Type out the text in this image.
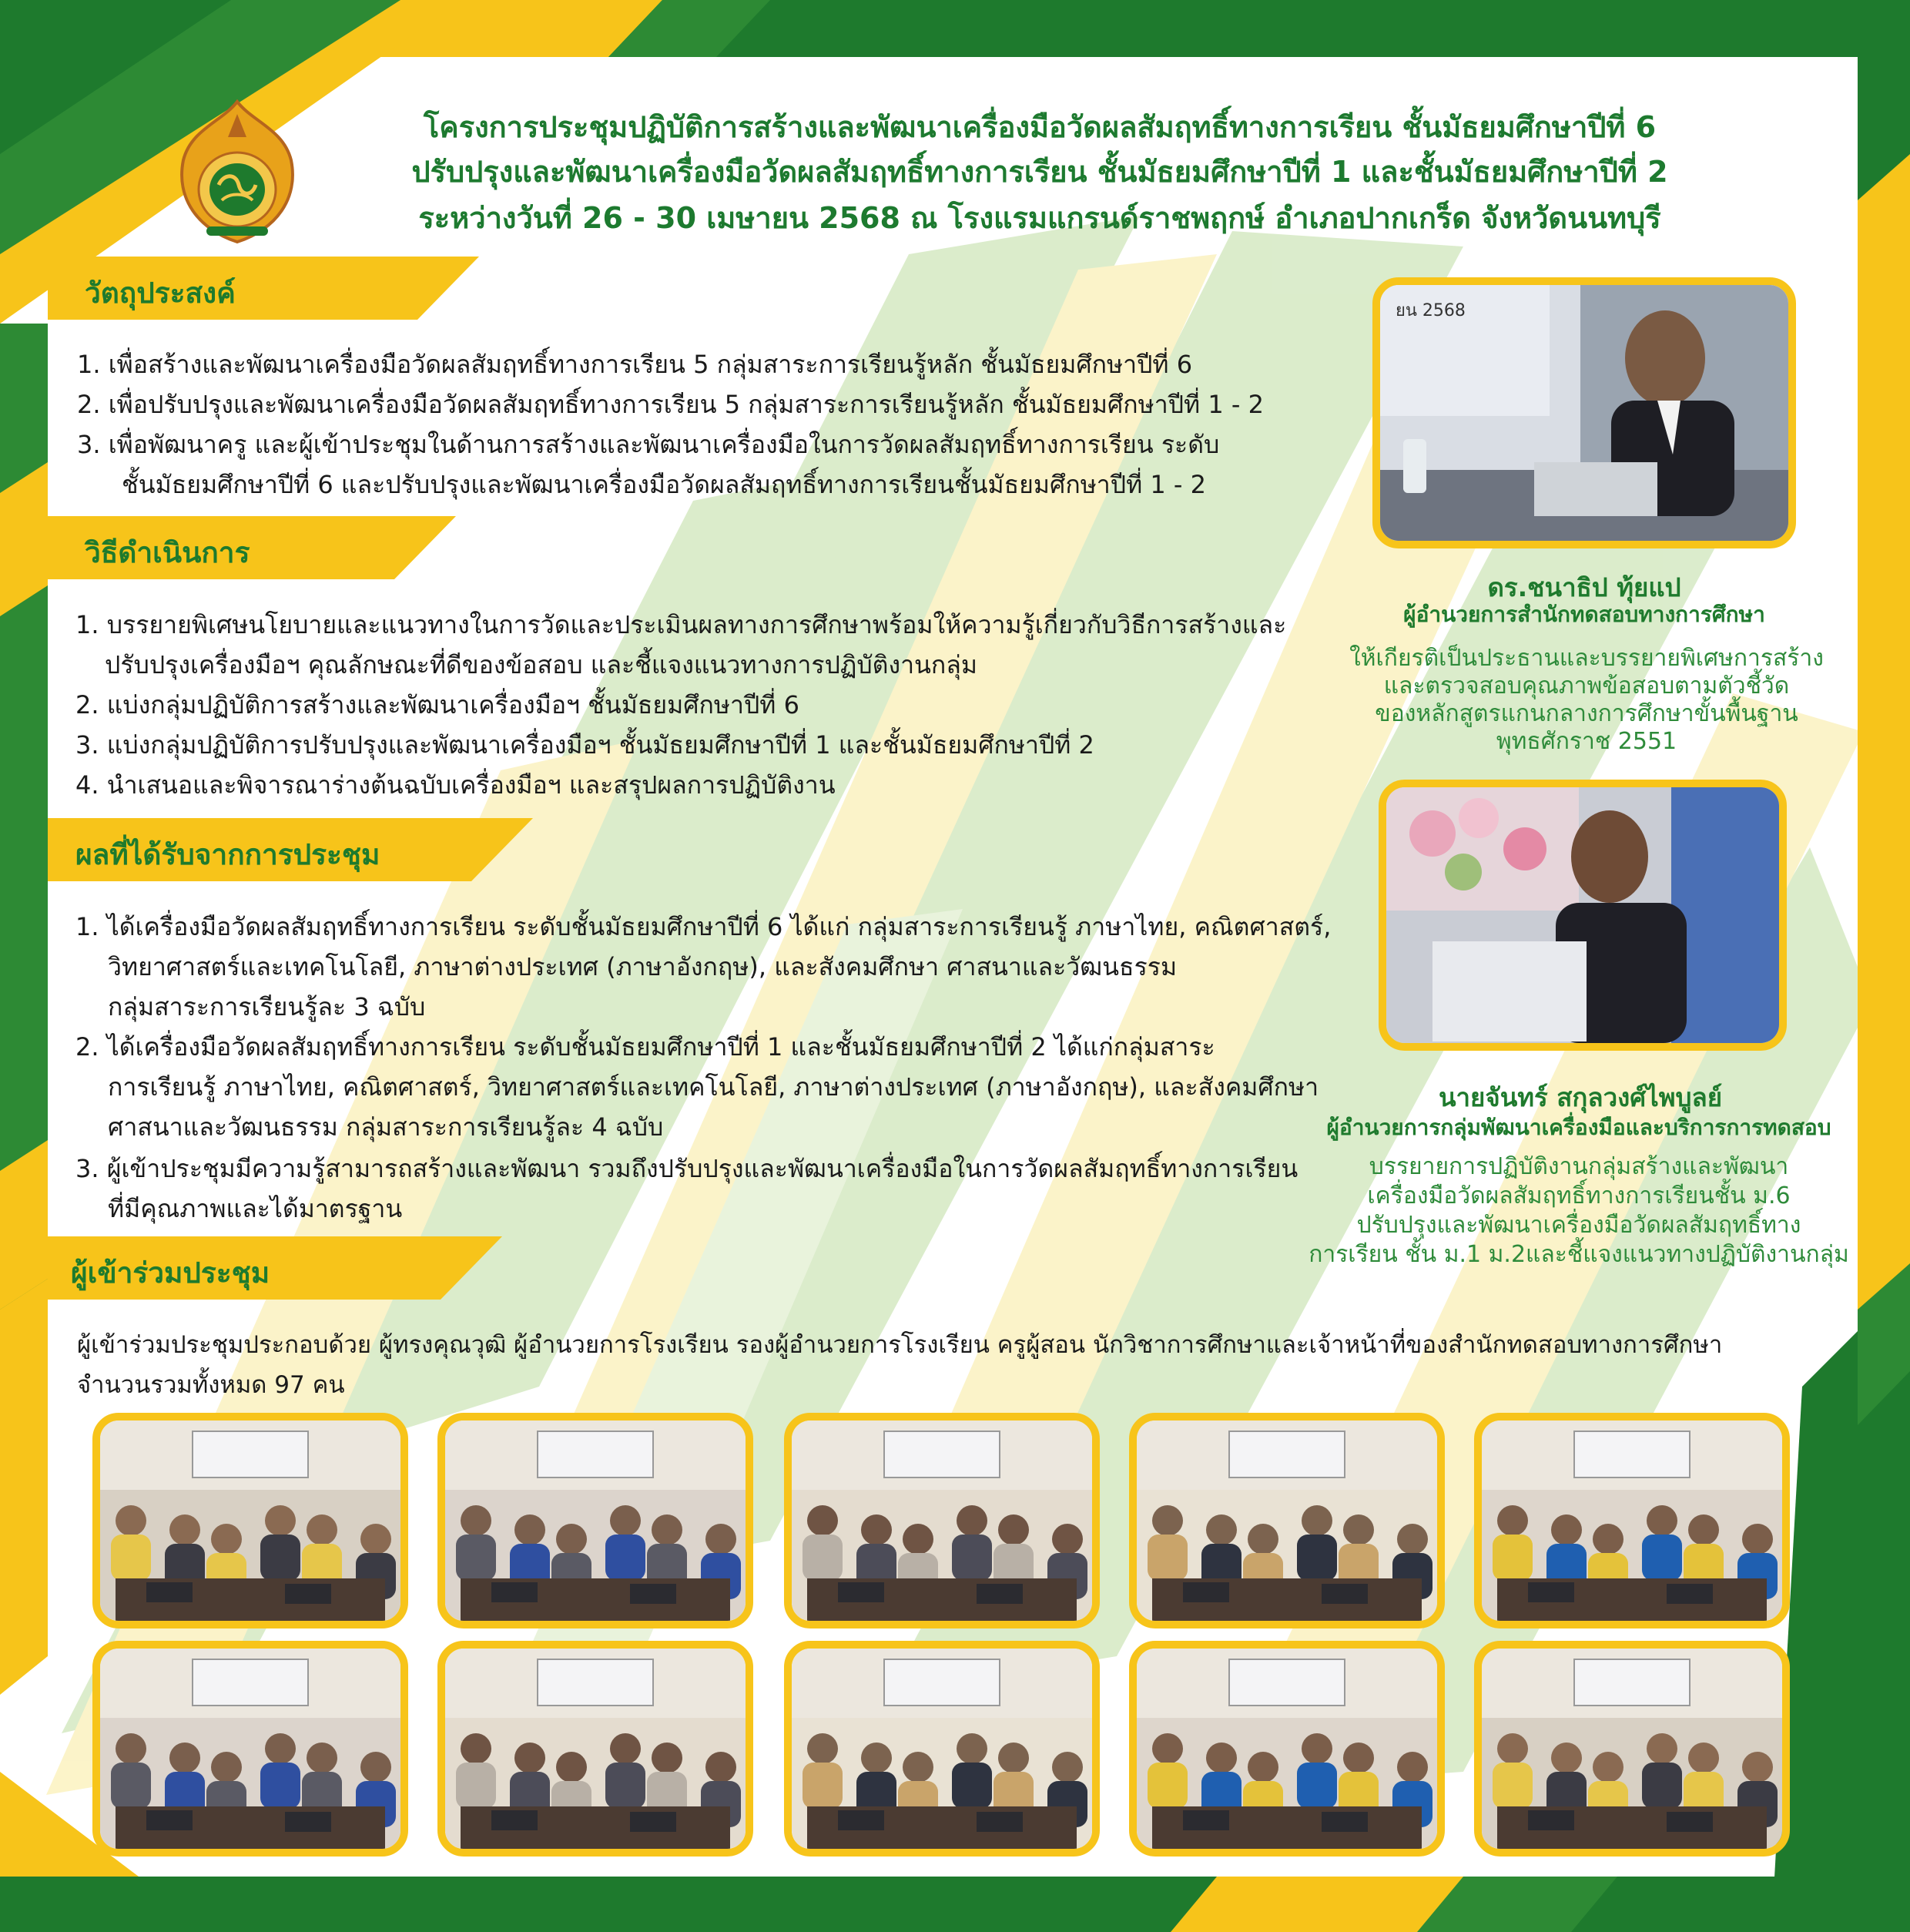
โครงการประชุมปฏิบัติการสร้างและพัฒนาเครื่องมือวัดผลสัมฤทธิ์ทางการเรียน ชั้นมัธยมศึกษาปีที่ 6
ปรับปรุงและพัฒนาเครื่องมือวัดผลสัมฤทธิ์ทางการเรียน ชั้นมัธยมศึกษาปีที่ 1 และชั้นมัธยมศึกษาปีที่ 2
ระหว่างวันที่ 26 - 30 เมษายน 2568 ณ โรงแรมแกรนด์ราชพฤกษ์ อำเภอปากเกร็ด จังหวัดนนทบุรี
วัตถุประสงค์
1. เพื่อสร้างและพัฒนาเครื่องมือวัดผลสัมฤทธิ์ทางการเรียน 5 กลุ่มสาระการเรียนรู้หลัก ชั้นมัธยมศึกษาปีที่ 6
2. เพื่อปรับปรุงและพัฒนาเครื่องมือวัดผลสัมฤทธิ์ทางการเรียน 5 กลุ่มสาระการเรียนรู้หลัก ชั้นมัธยมศึกษาปีที่ 1 - 2
3. เพื่อพัฒนาครู และผู้เข้าประชุมในด้านการสร้างและพัฒนาเครื่องมือในการวัดผลสัมฤทธิ์ทางการเรียน ระดับ
ชั้นมัธยมศึกษาปีที่ 6 และปรับปรุงและพัฒนาเครื่องมือวัดผลสัมฤทธิ์ทางการเรียนชั้นมัธยมศึกษาปีที่ 1 - 2
วิธีดำเนินการ
1. บรรยายพิเศษนโยบายและแนวทางในการวัดและประเมินผลทางการศึกษาพร้อมให้ความรู้เกี่ยวกับวิธีการสร้างและ
ปรับปรุงเครื่องมือฯ คุณลักษณะที่ดีของข้อสอบ และชี้แจงแนวทางการปฏิบัติงานกลุ่ม
2. แบ่งกลุ่มปฏิบัติการสร้างและพัฒนาเครื่องมือฯ ชั้นมัธยมศึกษาปีที่ 6
3. แบ่งกลุ่มปฏิบัติการปรับปรุงและพัฒนาเครื่องมือฯ ชั้นมัธยมศึกษาปีที่ 1 และชั้นมัธยมศึกษาปีที่ 2
4. นำเสนอและพิจารณาร่างต้นฉบับเครื่องมือฯ และสรุปผลการปฏิบัติงาน
ผลที่ได้รับจากการประชุม
1. ได้เครื่องมือวัดผลสัมฤทธิ์ทางการเรียน ระดับชั้นมัธยมศึกษาปีที่ 6 ได้แก่ กลุ่มสาระการเรียนรู้ ภาษาไทย, คณิตศาสตร์,
วิทยาศาสตร์และเทคโนโลยี, ภาษาต่างประเทศ (ภาษาอังกฤษ), และสังคมศึกษา ศาสนาและวัฒนธรรม
กลุ่มสาระการเรียนรู้ละ 3 ฉบับ
2. ได้เครื่องมือวัดผลสัมฤทธิ์ทางการเรียน ระดับชั้นมัธยมศึกษาปีที่ 1 และชั้นมัธยมศึกษาปีที่ 2 ได้แก่กลุ่มสาระ
การเรียนรู้ ภาษาไทย, คณิตศาสตร์, วิทยาศาสตร์และเทคโนโลยี, ภาษาต่างประเทศ (ภาษาอังกฤษ), และสังคมศึกษา
ศาสนาและวัฒนธรรม กลุ่มสาระการเรียนรู้ละ 4 ฉบับ
3. ผู้เข้าประชุมมีความรู้สามารถสร้างและพัฒนา รวมถึงปรับปรุงและพัฒนาเครื่องมือในการวัดผลสัมฤทธิ์ทางการเรียน
ที่มีคุณภาพและได้มาตรฐาน
ผู้เข้าร่วมประชุม
ผู้เข้าร่วมประชุมประกอบด้วย ผู้ทรงคุณวุฒิ ผู้อำนวยการโรงเรียน รองผู้อำนวยการโรงเรียน ครูผู้สอน นักวิชาการศึกษาและเจ้าหน้าที่ของสำนักทดสอบทางการศึกษา
จำนวนรวมทั้งหมด 97 คน
ยน 2568
ดร.ชนาธิป ทุ้ยแป
ผู้อำนวยการสำนักทดสอบทางการศึกษา
ให้เกียรติเป็นประธานและบรรยายพิเศษการสร้าง
และตรวจสอบคุณภาพข้อสอบตามตัวชี้วัด
ของหลักสูตรแกนกลางการศึกษาขั้นพื้นฐาน
พุทธศักราช 2551
นายจันทร์ สกุลวงศ์ไพบูลย์
ผู้อำนวยการกลุ่มพัฒนาเครื่องมือและบริการการทดสอบ
บรรยายการปฏิบัติงานกลุ่มสร้างและพัฒนา
เครื่องมือวัดผลสัมฤทธิ์ทางการเรียนชั้น ม.6
ปรับปรุงและพัฒนาเครื่องมือวัดผลสัมฤทธิ์ทาง
การเรียน ชั้น ม.1 ม.2และชี้แจงแนวทางปฏิบัติงานกลุ่ม
